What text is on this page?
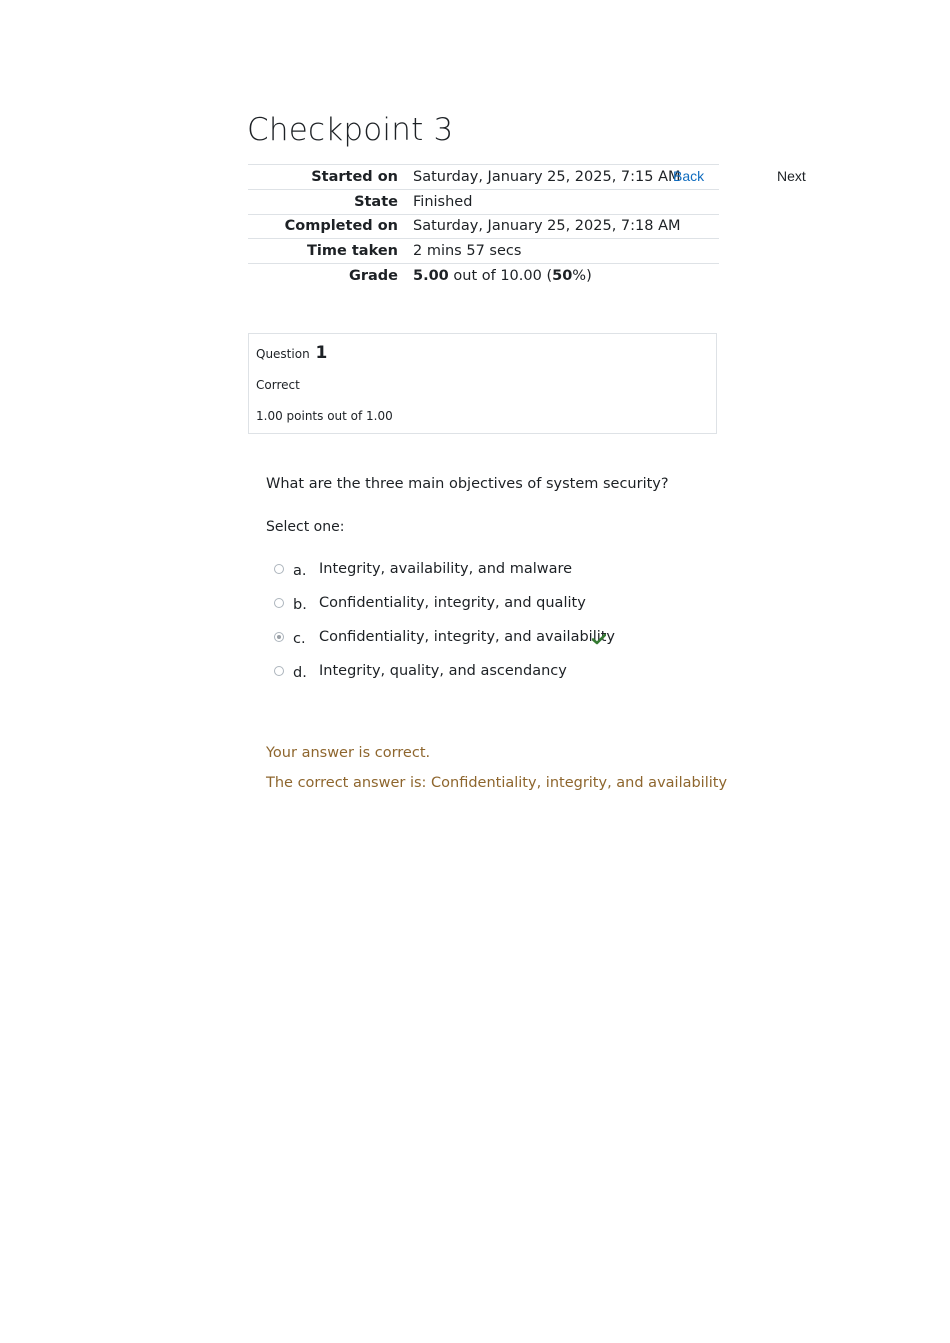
Checkpoint 3
Started on	Saturday, January 25, 2025, 7:15 AM
State	Finished
Completed on	Saturday, January 25, 2025, 7:18 AM
Time taken	2 mins 57 secs
Grade	5.00 out of 10.00 (50%)
Back	Next
Question 1
Correct
1.00 points out of 1.00
What are the three main objectives of system security?
Select one:
a. Integrity, availability, and malware
b. Confidentiality, integrity, and quality
c. Confidentiality, integrity, and availability
d. Integrity, quality, and ascendancy
Your answer is correct.
The correct answer is: Confidentiality, integrity, and availability
